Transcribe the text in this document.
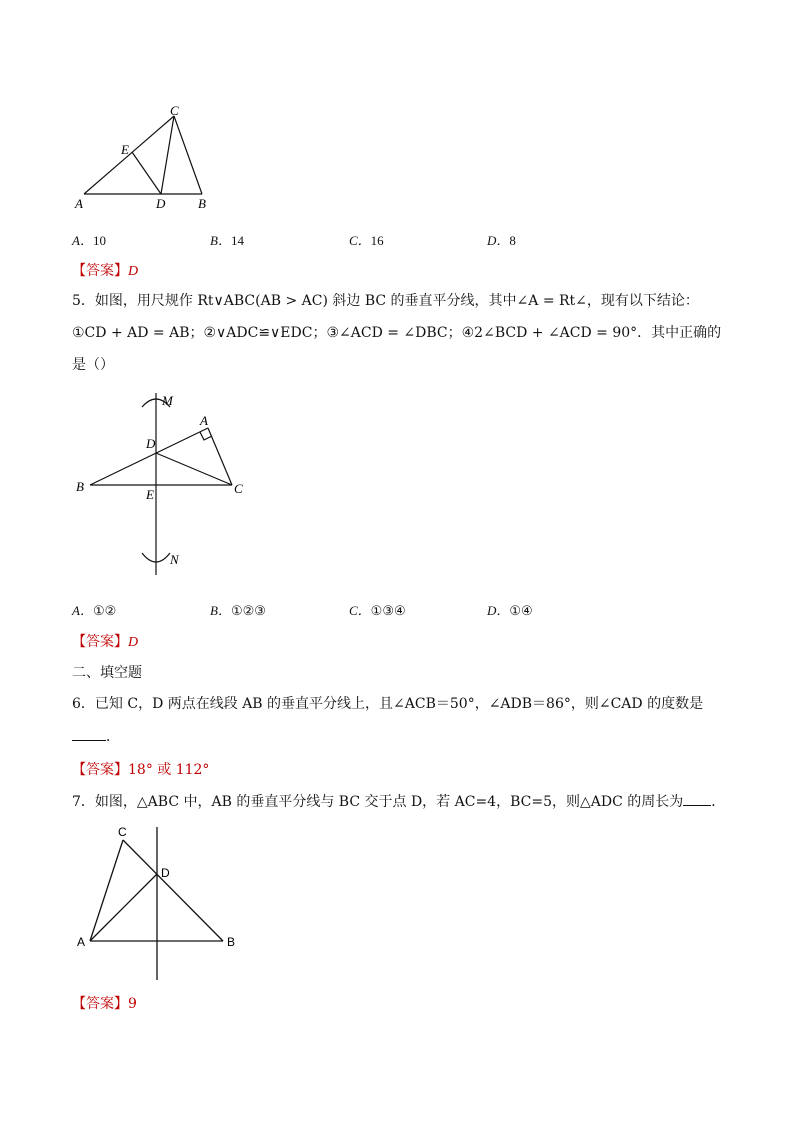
C
E
A	D	B
A．10	B．14	C．16	D．8
【答案】D
5．如图，用尺规作 Rt∨ABC(AB > AC) 斜边 BC 的垂直平分线，其中∠A = Rt∠，现有以下结论：
①CD + AD = AB；②∨ADC≌∨EDC；③∠ACD = ∠DBC；④2∠BCD + ∠ACD = 90°．其中正确的
是（）
M
A
D
B
E	C
N
A．①②	B．①②③	C．①③④	D．①④
【答案】D
二、填空题
6．已知 C，D 两点在线段 AB 的垂直平分线上，且∠ACB＝50°，∠ADB＝86°，则∠CAD 的度数是
．
【答案】18° 或 112°
7．如图，△ABC 中，AB 的垂直平分线与 BC 交于点 D，若 AC=4，BC=5，则△ADC 的周长为 ．
C
D
A	B
【答案】9
